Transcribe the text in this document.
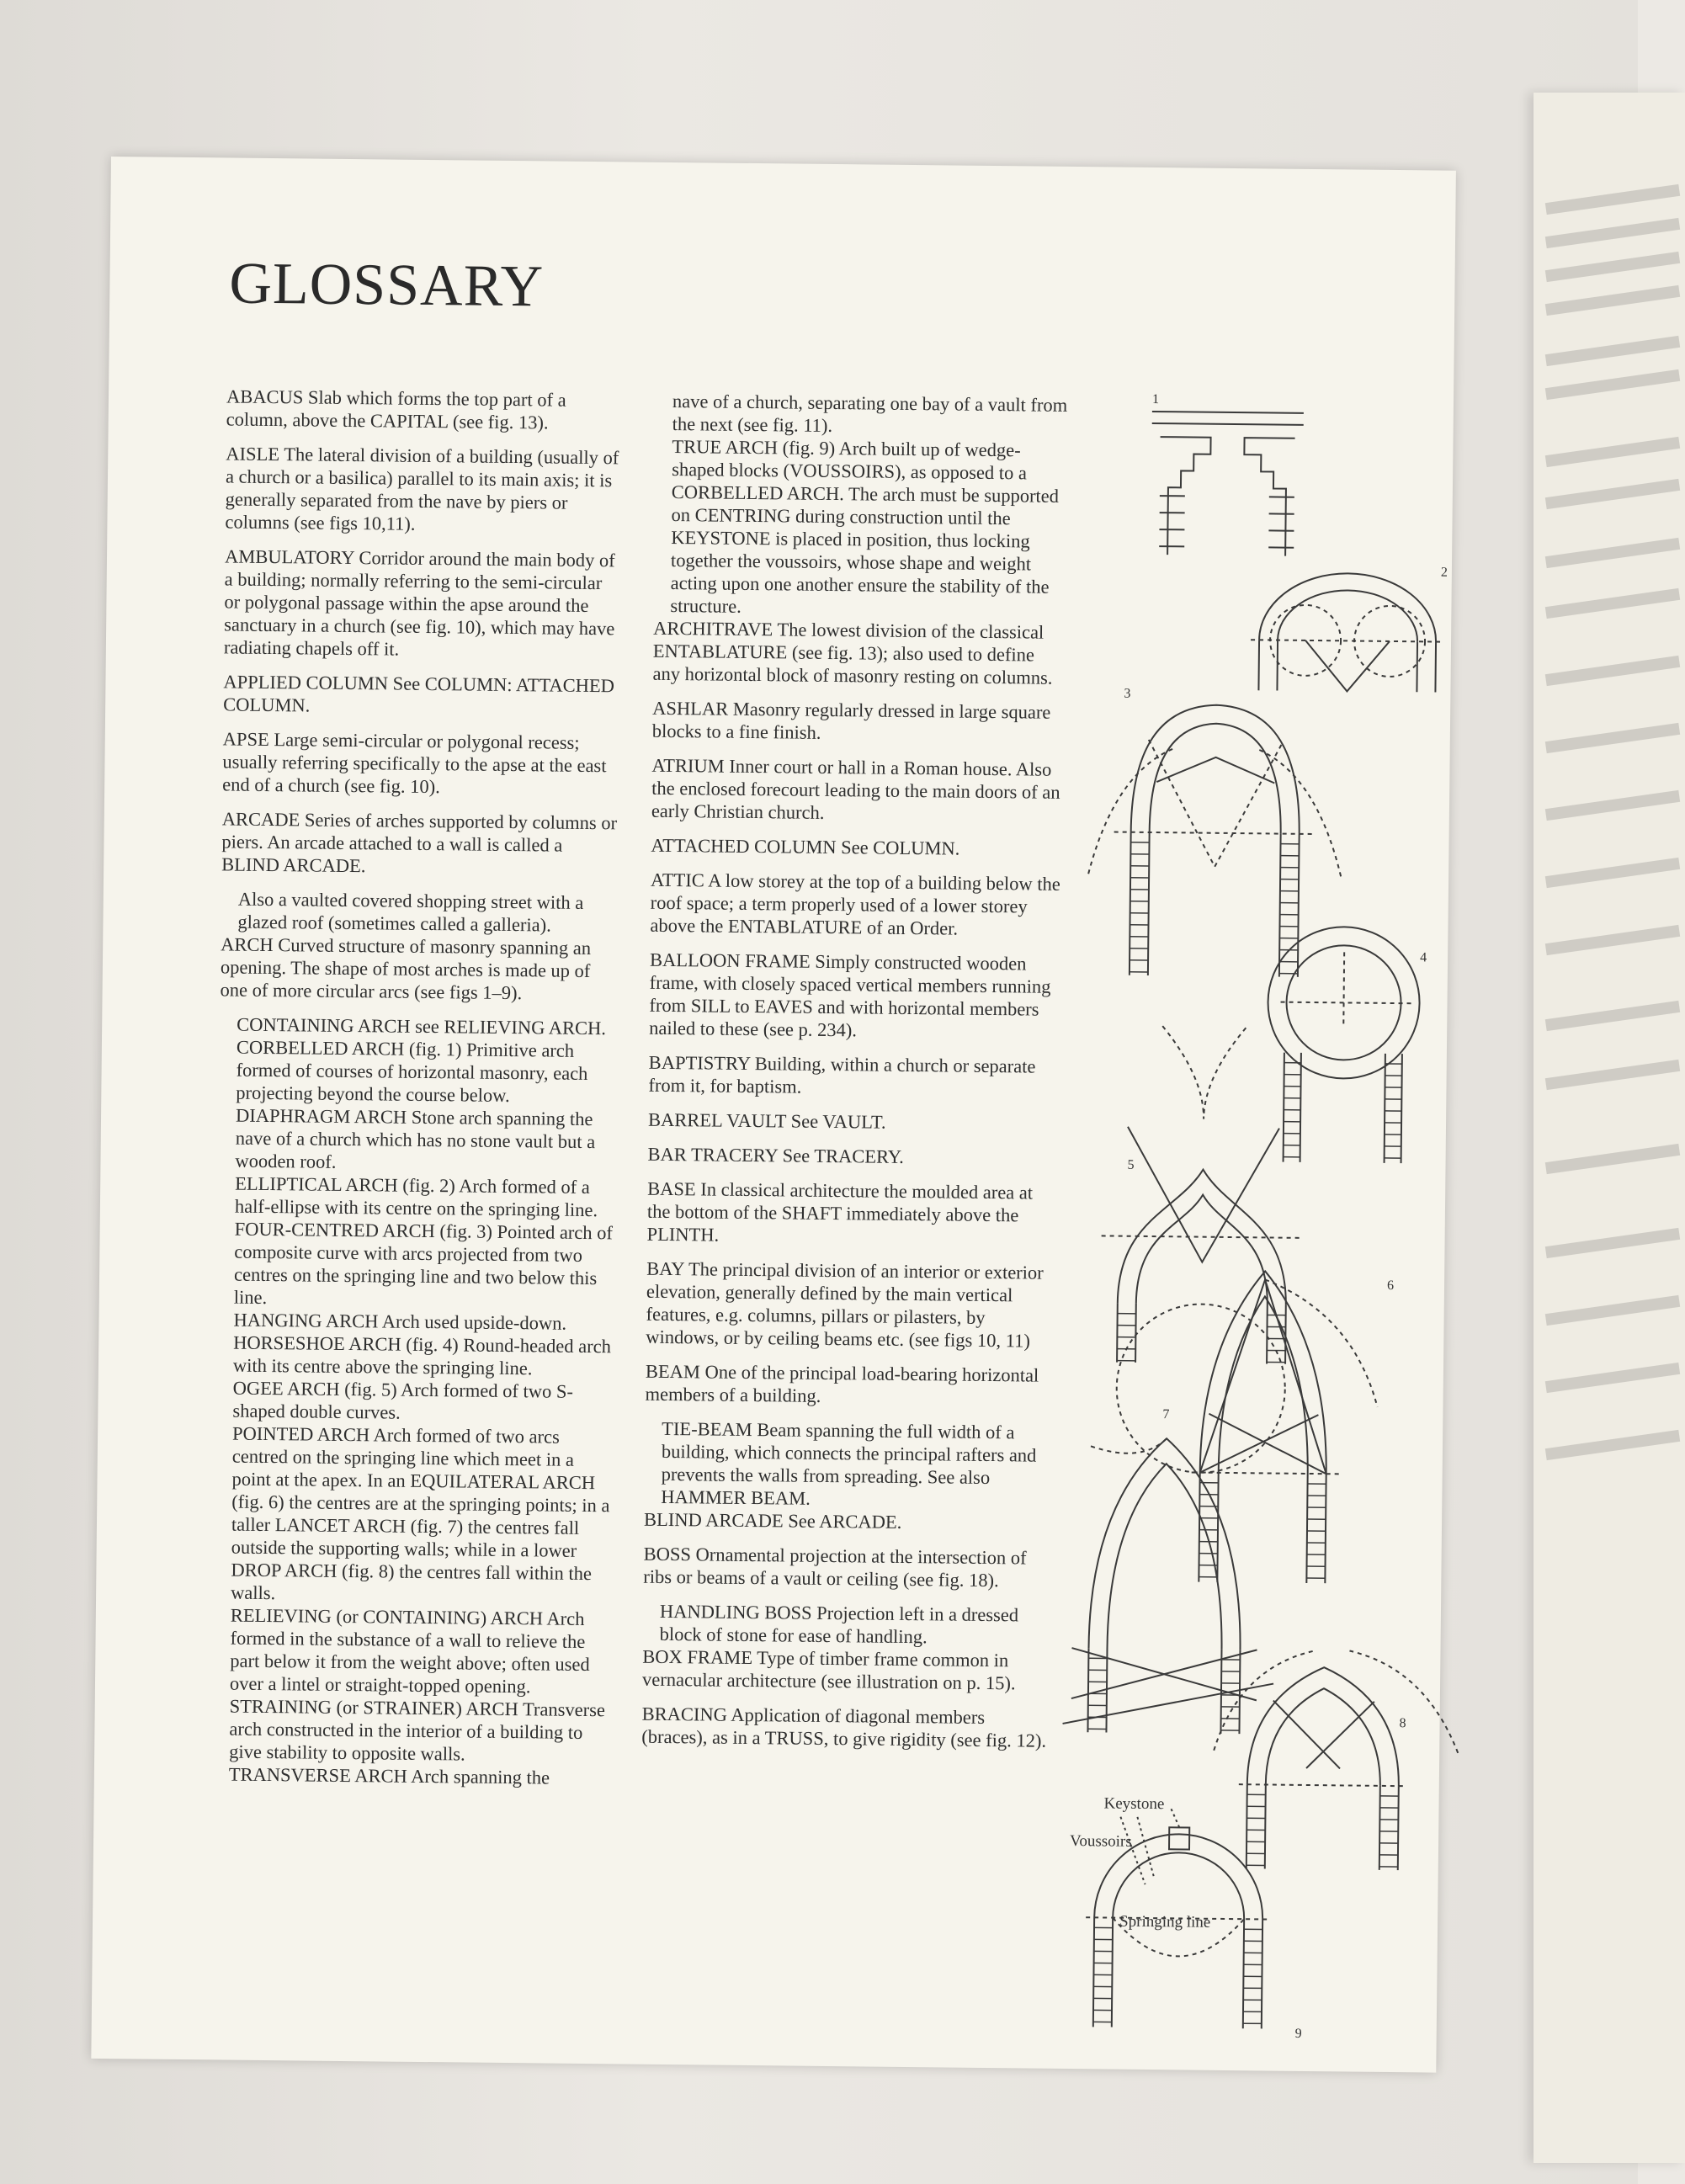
GLOSSARY
ABACUS Slab which forms the top part of a column, above the CAPITAL (see fig. 13).
AISLE The lateral division of a building (usually of a church or a basilica) parallel to its main axis; it is generally separated from the nave by piers or columns (see figs 10,11).
AMBULATORY Corridor around the main body of a building; normally referring to the semi-circular or polygonal passage within the apse around the sanctuary in a church (see fig. 10), which may have radiating chapels off it.
APPLIED COLUMN See COLUMN: ATTACHED COLUMN.
APSE Large semi-circular or polygonal recess; usually referring specifically to the apse at the east end of a church (see fig. 10).
ARCADE Series of arches supported by columns or piers. An arcade attached to a wall is called a BLIND ARCADE.
Also a vaulted covered shopping street with a glazed roof (sometimes called a galleria).
ARCH Curved structure of masonry spanning an opening. The shape of most arches is made up of one of more circular arcs (see figs 1–9).
CONTAINING ARCH see RELIEVING ARCH.
CORBELLED ARCH (fig. 1) Primitive arch formed of courses of horizontal masonry, each projecting beyond the course below.
DIAPHRAGM ARCH Stone arch spanning the nave of a church which has no stone vault but a wooden roof.
ELLIPTICAL ARCH (fig. 2) Arch formed of a half-ellipse with its centre on the springing line.
FOUR-CENTRED ARCH (fig. 3) Pointed arch of composite curve with arcs projected from two centres on the springing line and two below this line.
HANGING ARCH Arch used upside-down.
HORSESHOE ARCH (fig. 4) Round-headed arch with its centre above the springing line.
OGEE ARCH (fig. 5) Arch formed of two S-shaped double curves.
POINTED ARCH Arch formed of two arcs centred on the springing line which meet in a point at the apex. In an EQUILATERAL ARCH (fig. 6) the centres are at the springing points; in a taller LANCET ARCH (fig. 7) the centres fall outside the supporting walls; while in a lower DROP ARCH (fig. 8) the centres fall within the walls.
RELIEVING (or CONTAINING) ARCH Arch formed in the substance of a wall to relieve the part below it from the weight above; often used over a lintel or straight-topped opening.
STRAINING (or STRAINER) ARCH Transverse arch constructed in the interior of a building to give stability to opposite walls.
TRANSVERSE ARCH Arch spanning the
nave of a church, separating one bay of a vault from the next (see fig. 11).
TRUE ARCH (fig. 9) Arch built up of wedge-shaped blocks (VOUSSOIRS), as opposed to a CORBELLED ARCH. The arch must be supported on CENTRING during construction until the KEYSTONE is placed in position, thus locking together the voussoirs, whose shape and weight acting upon one another ensure the stability of the structure.
ARCHITRAVE The lowest division of the classical ENTABLATURE (see fig. 13); also used to define any horizontal block of masonry resting on columns.
ASHLAR Masonry regularly dressed in large square blocks to a fine finish.
ATRIUM Inner court or hall in a Roman house. Also the enclosed forecourt leading to the main doors of an early Christian church.
ATTACHED COLUMN See COLUMN.
ATTIC A low storey at the top of a building below the roof space; a term properly used of a lower storey above the ENTABLATURE of an Order.
BALLOON FRAME Simply constructed wooden frame, with closely spaced vertical members running from SILL to EAVES and with horizontal members nailed to these (see p. 234).
BAPTISTRY Building, within a church or separate from it, for baptism.
BARREL VAULT See VAULT.
BAR TRACERY See TRACERY.
BASE In classical architecture the moulded area at the bottom of the SHAFT immediately above the PLINTH.
BAY The principal division of an interior or exterior elevation, generally defined by the main vertical features, e.g. columns, pillars or pilasters, by windows, or by ceiling beams etc. (see figs 10, 11)
BEAM One of the principal load-bearing horizontal members of a building.
TIE-BEAM Beam spanning the full width of a building, which connects the principal rafters and prevents the walls from spreading. See also HAMMER BEAM.
BLIND ARCADE See ARCADE.
BOSS Ornamental projection at the intersection of ribs or beams of a vault or ceiling (see fig. 18).
HANDLING BOSS Projection left in a dressed block of stone for ease of handling.
BOX FRAME Type of timber frame common in vernacular architecture (see illustration on p. 15).
BRACING Application of diagonal members (braces), as in a TRUSS, to give rigidity (see fig. 12).
1
2
3
4
5
6
7
8
9
Keystone
Voussoirs
Springing line
